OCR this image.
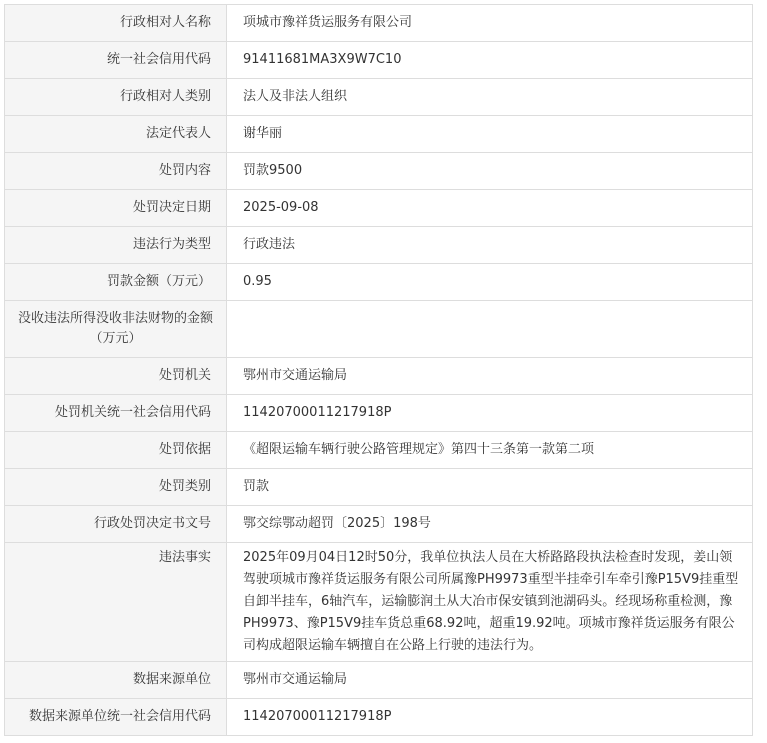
行政相对人名称	项城市豫祥货运服务有限公司
统一社会信用代码	91411681MA3X9W7C10
行政相对人类别	法人及非法人组织
法定代表人	谢华丽
处罚内容	罚款9500
处罚决定日期	2025-09-08
违法行为类型	行政违法
罚款金额（万元）	0.95
没收违法所得没收非法财物的金额（万元）	
处罚机关	鄂州市交通运输局
处罚机关统一社会信用代码	11420700011217918P
处罚依据	《超限运输车辆行驶公路管理规定》第四十三条第一款第二项
处罚类别	罚款
行政处罚决定书文号	鄂交综鄂动超罚〔2025〕198号
违法事实	2025年09月04日12时50分，我单位执法人员在大桥路路段执法检查时发现，姜山领驾驶项城市豫祥货运服务有限公司所属豫PH9973重型半挂牵引车牵引豫P15V9挂重型自卸半挂车，6轴汽车，运输膨润土从大冶市保安镇到池湖码头。经现场称重检测，豫PH9973、豫P15V9挂车货总重68.92吨，超重19.92吨。项城市豫祥货运服务有限公司构成超限运输车辆擅自在公路上行驶的违法行为。
数据来源单位	鄂州市交通运输局
数据来源单位统一社会信用代码	11420700011217918P
